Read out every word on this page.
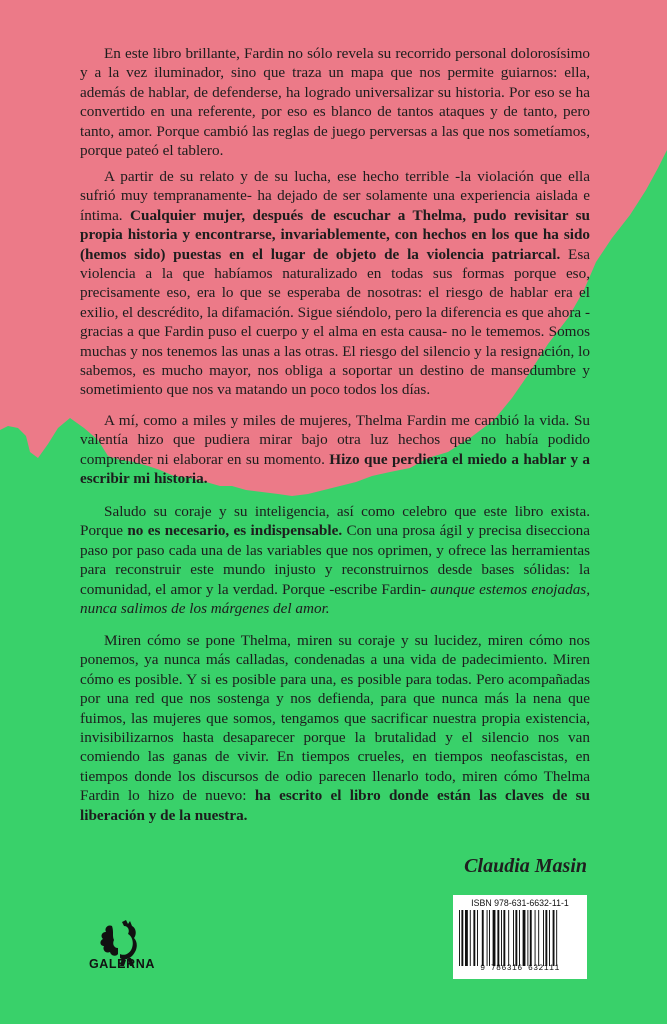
En este libro brillante, Fardin no sólo revela su recorrido personal dolorosísimo y a la vez iluminador, sino que traza un mapa que nos permite guiarnos: ella, además de hablar, de defenderse, ha logrado universalizar su historia. Por eso se ha convertido en una referente, por eso es blanco de tantos ataques y de tanto, pero tanto, amor. Porque cambió las reglas de juego perversas a las que nos sometíamos, porque pateó el tablero.

A partir de su relato y de su lucha, ese hecho terrible -la violación que ella sufrió muy tempranamente- ha dejado de ser solamente una experiencia aislada e íntima. Cualquier mujer, después de escuchar a Thelma, pudo revisitar su propia historia y encontrarse, invariablemente, con hechos en los que ha sido (hemos sido) puestas en el lugar de objeto de la violencia patriarcal. Esa violencia a la que habíamos naturalizado en todas sus formas porque eso, precisamente eso, era lo que se esperaba de nosotras: el riesgo de hablar era el exilio, el descrédito, la difamación. Sigue siéndolo, pero la diferencia es que ahora -gracias a que Fardin puso el cuerpo y el alma en esta causa- no le tememos. Somos muchas y nos tenemos las unas a las otras. El riesgo del silencio y la resignación, lo sabemos, es mucho mayor, nos obliga a soportar un destino de mansedumbre y sometimiento que nos va matando un poco todos los días.

A mí, como a miles y miles de mujeres, Thelma Fardin me cambió la vida. Su valentía hizo que pudiera mirar bajo otra luz hechos que no había podido comprender ni elaborar en su momento. Hizo que perdiera el miedo a hablar y a escribir mi historia.

Saludo su coraje y su inteligencia, así como celebro que este libro exista. Porque no es necesario, es indispensable. Con una prosa ágil y precisa disecciona paso por paso cada una de las variables que nos oprimen, y ofrece las herramientas para reconstruir este mundo injusto y reconstruirnos desde bases sólidas: la comunidad, el amor y la verdad. Porque -escribe Fardin- aunque estemos enojadas, nunca salimos de los márgenes del amor.

Miren cómo se pone Thelma, miren su coraje y su lucidez, miren cómo nos ponemos, ya nunca más calladas, condenadas a una vida de padecimiento. Miren cómo es posible. Y si es posible para una, es posible para todas. Pero acompañadas por una red que nos sostenga y nos defienda, para que nunca más la nena que fuimos, las mujeres que somos, tengamos que sacrificar nuestra propia existencia, invisibilizarnos hasta desaparecer porque la brutalidad y el silencio nos van comiendo las ganas de vivir. En tiempos crueles, en tiempos neofascistas, en tiempos donde los discursos de odio parecen llenarlo todo, miren cómo Thelma Fardin lo hizo de nuevo: ha escrito el libro donde están las claves de su liberación y de la nuestra.

Claudia Masin
GALERNA
ISBN 978-631-6632-11-1
9 786316 632111
